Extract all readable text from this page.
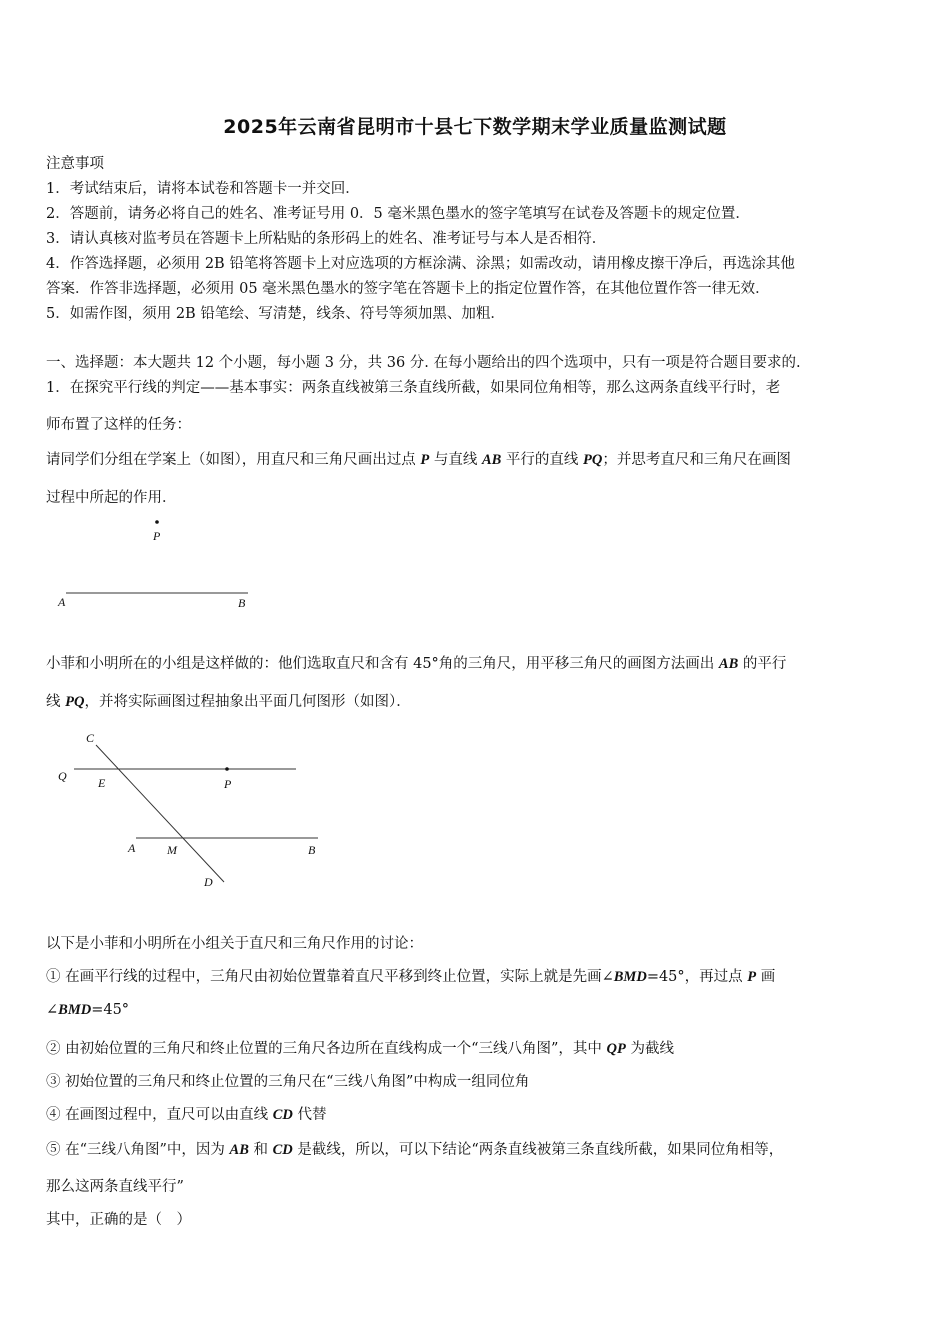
2025年云南省昆明市十县七下数学期末学业质量监测试题
注意事项
1．考试结束后，请将本试卷和答题卡一并交回．
2．答题前，请务必将自己的姓名、准考证号用 0．5 毫米黑色墨水的签字笔填写在试卷及答题卡的规定位置．
3．请认真核对监考员在答题卡上所粘贴的条形码上的姓名、准考证号与本人是否相符．
4．作答选择题，必须用 2B 铅笔将答题卡上对应选项的方框涂满、涂黑；如需改动，请用橡皮擦干净后，再选涂其他
答案．作答非选择题，必须用 05 毫米黑色墨水的签字笔在答题卡上的指定位置作答，在其他位置作答一律无效．
5．如需作图，须用 2B 铅笔绘、写清楚，线条、符号等须加黑、加粗．
一、选择题：本大题共 12 个小题，每小题 3 分，共 36 分. 在每小题给出的四个选项中，只有一项是符合题目要求的.
1．在探究平行线的判定——基本事实：两条直线被第三条直线所截，如果同位角相等，那么这两条直线平行时，老
师布置了这样的任务：
请同学们分组在学案上（如图），用直尺和三角尺画出过点 P 与直线 AB 平行的直线 PQ；并思考直尺和三角尺在画图
过程中所起的作用．
P
A	B
小菲和小明所在的小组是这样做的：他们选取直尺和含有 45°角的三角尺，用平移三角尺的画图方法画出 AB 的平行
线 PQ，并将实际画图过程抽象出平面几何图形（如图）．
C
Q	E	P
A	M	B
D
以下是小菲和小明所在小组关于直尺和三角尺作用的讨论：
① 在画平行线的过程中，三角尺由初始位置靠着直尺平移到终止位置，实际上就是先画∠BMD=45°，再过点 P 画
∠BMD=45°
② 由初始位置的三角尺和终止位置的三角尺各边所在直线构成一个“三线八角图”，其中 QP 为截线
③ 初始位置的三角尺和终止位置的三角尺在“三线八角图”中构成一组同位角
④ 在画图过程中，直尺可以由直线 CD 代替
⑤ 在“三线八角图”中，因为 AB 和 CD 是截线，所以，可以下结论“两条直线被第三条直线所截，如果同位角相等，
那么这两条直线平行”
其中，正确的是（　）
